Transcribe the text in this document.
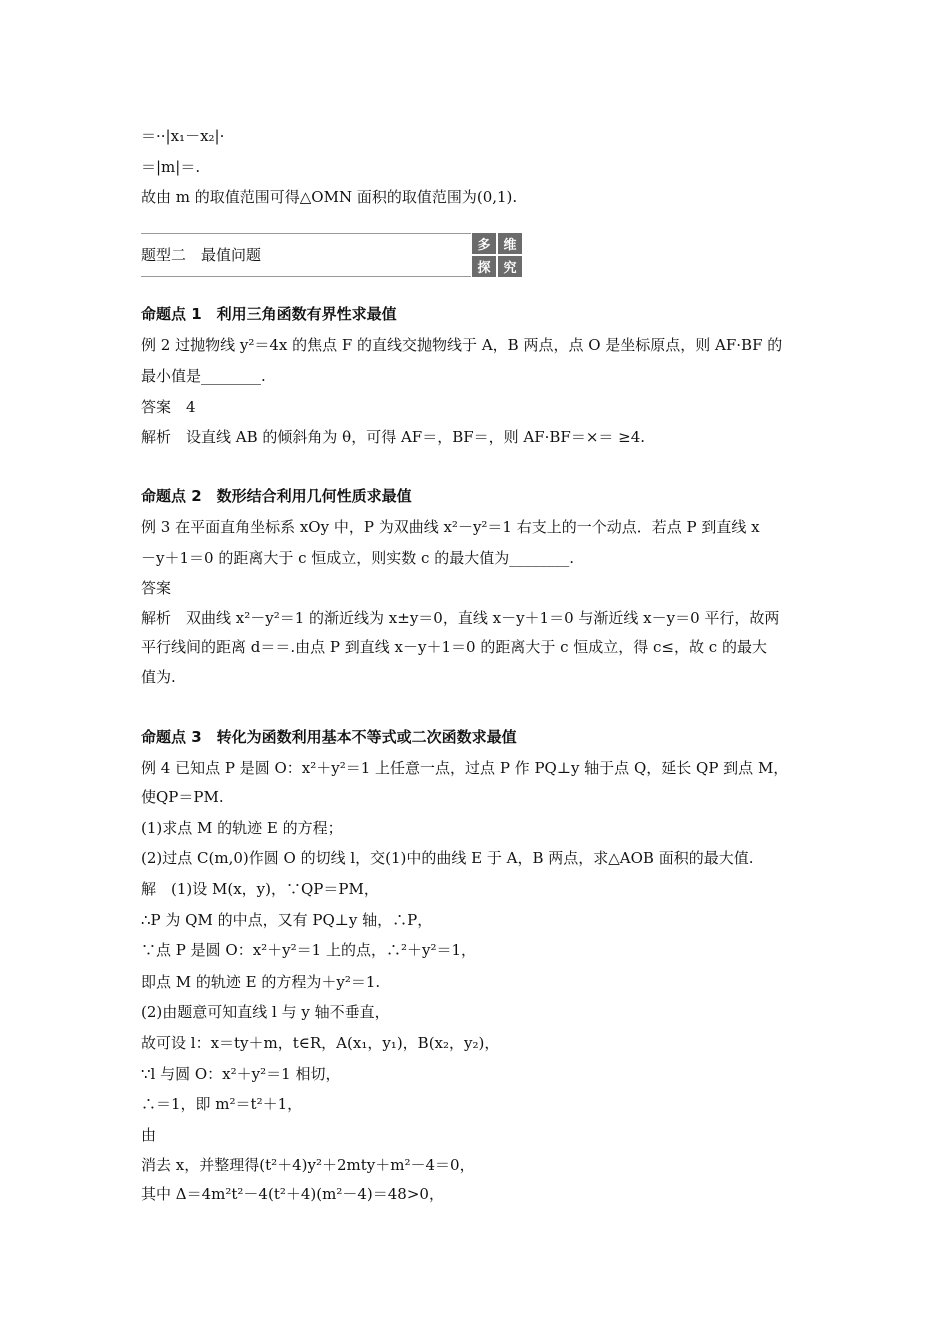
＝··|x₁－x₂|·
＝|m|＝.
故由 m 的取值范围可得△OMN 面积的取值范围为(0,1).
题型二　最值问题
多 维
探 究
命题点 1　利用三角函数有界性求最值
例 2 过抛物线 y²＝4x 的焦点 F 的直线交抛物线于 A，B 两点，点 O 是坐标原点，则 AF·BF 的
最小值是________.
答案　4
解析　设直线 AB 的倾斜角为 θ，可得 AF＝，BF＝，则 AF·BF＝×＝ ≥4.
命题点 2　数形结合利用几何性质求最值
例 3 在平面直角坐标系 xOy 中，P 为双曲线 x²－y²＝1 右支上的一个动点．若点 P 到直线 x
－y＋1＝0 的距离大于 c 恒成立，则实数 c 的最大值为________.
答案
解析　双曲线 x²－y²＝1 的渐近线为 x±y＝0，直线 x－y＋1＝0 与渐近线 x－y＝0 平行，故两
平行线间的距离 d＝＝.由点 P 到直线 x－y＋1＝0 的距离大于 c 恒成立，得 c≤，故 c 的最大
值为.
命题点 3　转化为函数利用基本不等式或二次函数求最值
例 4 已知点 P 是圆 O：x²＋y²＝1 上任意一点，过点 P 作 PQ⊥y 轴于点 Q，延长 QP 到点 M，
使QP＝PM.
(1)求点 M 的轨迹 E 的方程；
(2)过点 C(m,0)作圆 O 的切线 l，交(1)中的曲线 E 于 A，B 两点，求△AOB 面积的最大值.
解　(1)设 M(x，y)，∵QP＝PM，
∴P 为 QM 的中点，又有 PQ⊥y 轴，∴P，
∵点 P 是圆 O：x²＋y²＝1 上的点，∴²＋y²＝1，
即点 M 的轨迹 E 的方程为＋y²＝1.
(2)由题意可知直线 l 与 y 轴不垂直，
故可设 l：x＝ty＋m，t∈R，A(x₁，y₁)，B(x₂，y₂)，
∵l 与圆 O：x²＋y²＝1 相切，
∴＝1，即 m²＝t²＋1，
由
消去 x，并整理得(t²＋4)y²＋2mty＋m²－4＝0，
其中 Δ＝4m²t²－4(t²＋4)(m²－4)＝48>0，
